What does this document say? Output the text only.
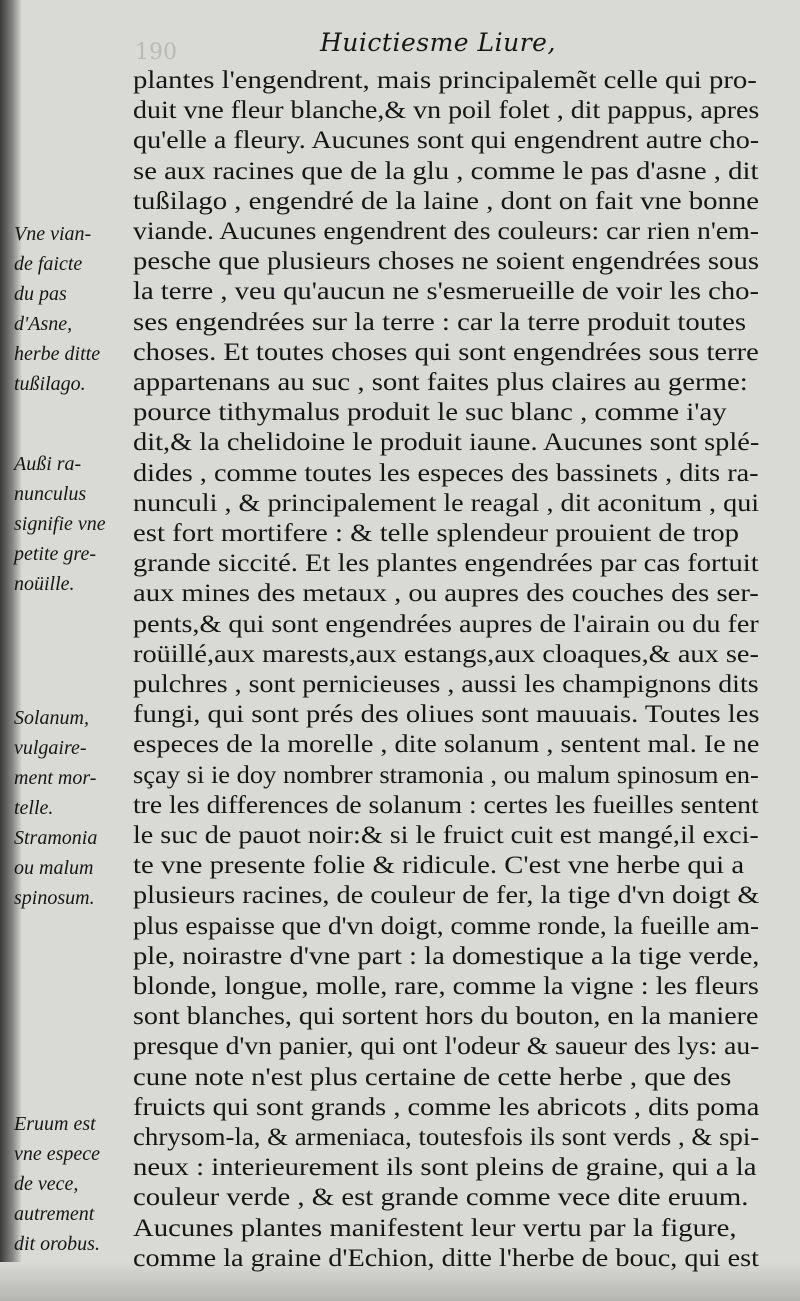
190	Huictiesme Liure,
Vne vian-
de faicte
du pas
d'Asne,
herbe ditte
tußilago.
Außi ra-
nunculus
signifie vne
petite gre-
noüille.
Solanum,
vulgaire-
ment mor-
telle.
Stramonia
ou malum
spinosum.
Eruum est
vne espece
de vece,
autrement
dit orobus.
plantes l'engendrent, mais principalemẽt celle qui pro-
duit vne fleur blanche,& vn poil folet , dit pappus, apres
qu'elle a fleury. Aucunes sont qui engendrent autre cho-
se aux racines que de la glu , comme le pas d'asne , dit
tußilago , engendré de la laine , dont on fait vne bonne
viande. Aucunes engendrent des couleurs: car rien n'em-
pesche que plusieurs choses ne soient engendrées sous
la terre , veu qu'aucun ne s'esmerueille de voir les cho-
ses engendrées sur la terre : car la terre produit toutes
choses. Et toutes choses qui sont engendrées sous terre
appartenans au suc , sont faites plus claires au germe:
pource tithymalus produit le suc blanc , comme i'ay
dit,& la chelidoine le produit iaune. Aucunes sont splé-
dides , comme toutes les especes des bassinets , dits ra-
nunculi , & principalement le reagal , dit aconitum , qui
est fort mortifere : & telle splendeur prouient de trop
grande siccité. Et les plantes engendrées par cas fortuit
aux mines des metaux , ou aupres des couches des ser-
pents,& qui sont engendrées aupres de l'airain ou du fer
roüillé,aux marests,aux estangs,aux cloaques,& aux se-
pulchres , sont pernicieuses , aussi les champignons dits
fungi, qui sont prés des oliues sont mauuais. Toutes les
especes de la morelle , dite solanum , sentent mal. Ie ne
sçay si ie doy nombrer stramonia , ou malum spinosum en-
tre les differences de solanum : certes les fueilles sentent
le suc de pauot noir:& si le fruict cuit est mangé,il exci-
te vne presente folie & ridicule. C'est vne herbe qui a
plusieurs racines, de couleur de fer, la tige d'vn doigt &
plus espaisse que d'vn doigt, comme ronde, la fueille am-
ple, noirastre d'vne part : la domestique a la tige verde,
blonde, longue, molle, rare, comme la vigne : les fleurs
sont blanches, qui sortent hors du bouton, en la maniere
presque d'vn panier, qui ont l'odeur & saueur des lys: au-
cune note n'est plus certaine de cette herbe , que des
fruicts qui sont grands , comme les abricots , dits poma
chrysom-la, & armeniaca, toutesfois ils sont verds , & spi-
neux : interieurement ils sont pleins de graine, qui a la
couleur verde , & est grande comme vece dite eruum.
Aucunes plantes manifestent leur vertu par la figure,
comme la graine d'Echion, ditte l'herbe de bouc, qui est
